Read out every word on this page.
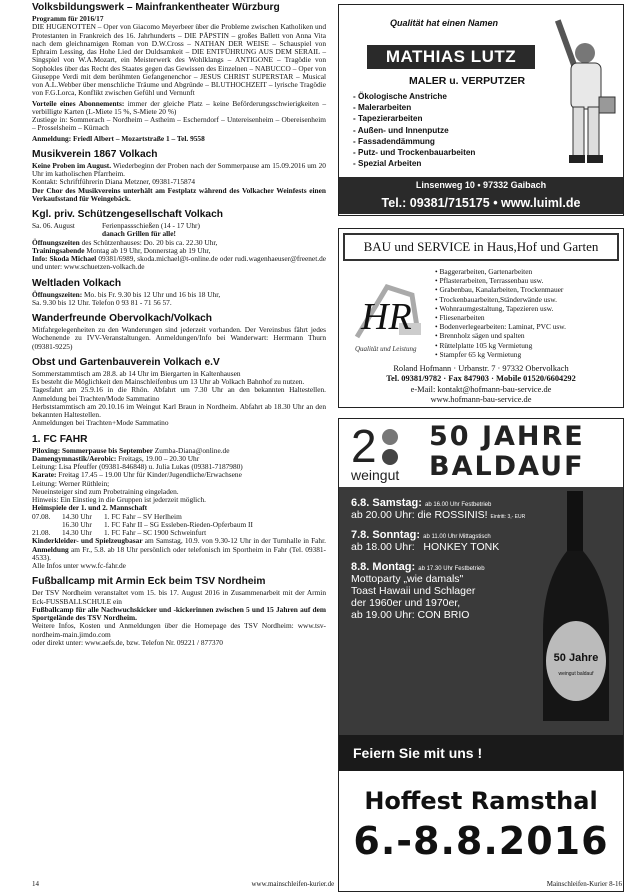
Volksbildungswerk – Mainfrankentheater Würzburg

Programm für 2016/17

DIE HUGENOTTEN – Oper von Giacomo Meyerbeer über die Probleme zwischen Katholiken und Protestanten in Frankreich des 16. Jahrhunderts – DIE PÄPSTIN – großes Ballett von Anna Vita nach dem gleichnamigen Roman von D.W.Cross – NATHAN DER WEISE – Schauspiel von Ephraim Lessing, das Hohe Lied der Duldsamkeit – DIE ENTFÜHRUNG AUS DEM SERAIL – Singspiel von W.A.Mozart, ein Meisterwerk des Wohlklangs – ANTIGONE – Tragödie von Sophokles über das Recht des Staates gegen das Gewissen des Einzelnen – NABUCCO – Oper von Giuseppe Verdi mit dem berühmten Gefangenenchor – JESUS CHRIST SUPERSTAR – Musical von A.L.Webber über menschliche Träume und Abgründe – BLUTHOCHZEIT – lyrische Tragödie von F.G.Lorca, Konflikt zwischen Gefühl und Vernunft

Vorteile eines Abonnements: immer der gleiche Platz – keine Beförderungsschwierigkeiten – verbilligte Karten (L-Miete 15 %, S-Miete 20 %)

Zustiege in: Sommerach – Nordheim – Astheim – Escherndorf – Untereisenheim – Obereisenheim – Prosselsheim – Kürnach

Anmeldung: Friedl Albert – Mozartstraße 1 – Tel. 9558

Musikverein 1867 Volkach

Keine Proben im August. Wiederbeginn der Proben nach der Sommerpause am 15.09.2016 um 20 Uhr im katholischen Pfarrheim.

Kontakt: Schriftführerin Diana Metzner, 09381-715874

Der Chor des Musikvereins unterhält am Festplatz während des Volkacher Weinfests einen Verkaufsstand für Weingebäck.

Kgl. priv. Schützengesellschaft Volkach
Sa. 06. August	Ferienpassschießen (14 - 17 Uhr)
danach Grillen für alle!

Öffnungszeiten des Schützenhauses: Do. 20 bis ca. 22.30 Uhr,

Trainingsabende Montag ab 19 Uhr, Donnerstag ab 19 Uhr,

Info: Skoda Michael 09381/6989, skoda.michael@t-online.de oder rudi.wagenhaeuser@freenet.de und unter: www.schuetzen-volkach.de

Weltladen Volkach

Öffnungszeiten: Mo. bis Fr. 9.30 bis 12 Uhr und 16 bis 18 Uhr,

Sa. 9.30 bis 12 Uhr. Telefon 0 93 81 - 71 56 57.

Wanderfreunde Obervolkach/Volkach

Mitfahrgelegenheiten zu den Wanderungen sind jederzeit vorhanden. Der Vereinsbus fährt jedes Wochenende zu IVV-Veranstaltungen. Anmeldungen/Info bei Wanderwart: Herrmann Thurn (09381-9225)

Obst und Gartenbauverein Volkach e.V

Sommerstammtisch am 28.8. ab 14 Uhr im Biergarten in Kaltenhausen

Es besteht die Möglichkeit den Mainschleifenbus um 13 Uhr ab Volkach Bahnhof zu nutzen.

Tagesfahrt am 25.9.16 in die Rhön. Abfahrt um 7.30 Uhr an den bekannten Haltestellen. Anmeldung bei Trachten/Mode Sammatino

Herbststammtisch am 20.10.16 im Weingut Karl Braun in Nordheim. Abfahrt ab 18.30 Uhr an den bekannten Haltestellen.

Anmeldungen bei Trachten+Mode Sammatino

1. FC FAHR

Piloxing: Sommerpause bis September Zumba-Diana@online.de

Damengymnastik/Aerobic: Freitags, 19.00 – 20.30 Uhr

Leitung: Lisa Pfeuffer (09381-846848) u. Julia Lukas (09381-7187980)

Karate: Freitag 17.45 – 19.00 Uhr für Kinder/Jugendliche/Erwachsene

Leitung: Werner Rüthlein;

Neueinsteiger sind zum Probetraining eingeladen.

Hinweis: Ein Einstieg in die Gruppen ist jederzeit möglich.

Heimspiele der 1. und 2. Mannschaft

07.08.	14.30 Uhr	1. FC Fahr – SV Herlheim
16.30 Uhr	1. FC Fahr II – SG Essleben-Rieden-Opferbaum II
21.08.	14.30 Uhr	1. FC Fahr – SC 1900 Schweinfurt

Kinderkleider- und Spielzeugbasar am Samstag, 10.9. von 9.30-12 Uhr in der Turnhalle in Fahr. Anmeldung am Fr., 5.8. ab 18 Uhr persönlich oder telefonisch im Sportheim in Fahr (Tel. 09381-4533).

Alle Infos unter www.fc-fahr.de

Fußballcamp mit Armin Eck beim TSV Nordheim

Der TSV Nordheim veranstaltet vom 15. bis 17. August 2016 in Zusammenarbeit mit der Armin Eck-FUSSBALLSCHULE ein

Fußballcamp für alle Nachwuchskicker und -kickerinnen zwischen 5 und 15 Jahren auf dem Sportgelände des TSV Nordheim.

Weitere Infos, Kosten und Anmeldungen über die Homepage des TSV Nordheim: www.tsv-nordheim-main.jimdo.com

oder direkt unter: www.aefs.de, bzw. Telefon Nr. 09221 / 877370

Qualität hat einen Namen
MATHIAS LUTZ
MALER u. VERPUTZER
- Ökologische Anstriche
- Malerarbeiten
- Tapezierarbeiten
- Außen- und Innenputze
- Fassadendämmung
- Putz- und Trockenbauarbeiten
- Spezial Arbeiten
Linsenweg 10 • 97332 Gaibach
Tel.: 09381/715175 • www.luiml.de
BAU und SERVICE in Haus,Hof und Garten
HR
Qualität und Leistung
• Baggerarbeiten, Gartenarbeiten
• Pflasterarbeiten, Terrassenbau usw.
• Grabenbau, Kanalarbeiten, Trockenmauer
• Trockenbauarbeiten,Ständerwände usw.
• Wohnraumgestaltung, Tapezieren usw.
• Fliesenarbeiten
• Bodenverlegearbeiten: Laminat, PVC usw.
• Brennholz sägen und spalten
• Rüttelplatte 105 kg Vermietung
• Stampfer 65 kg Vermietung
Roland Hofmann · Urbanstr. 7 · 97332 Obervolkach
Tel. 09381/9782 · Fax 847903 · Mobile 01520/6604292
e-Mail: kontakt@hofmann-bau-service.de
www.hofmann-bau-service.de
2
weingut
50 JAHRE
BALDAUF
6.8. Samstag: ab 16.00 Uhr Festbetrieb
ab 20.00 Uhr: die ROSSINIS! Eintritt: 3,- EUR
7.8. Sonntag: ab 11.00 Uhr Mittagstisch
ab 18.00 Uhr:   HONKEY TONK
8.8. Montag: ab 17.30 Uhr Festbetrieb
Mottoparty „wie damals"
Toast Hawaii und Schlager
der 1960er und 1970er,
ab 19.00 Uhr: CON BRIO
50 Jahre
weingut baldauf
Feiern Sie mit uns !
Hoffest Ramsthal
6.-8.8.2016
14	www.mainschleifen-kurier.de	Mainschleifen-Kurier 8-16
